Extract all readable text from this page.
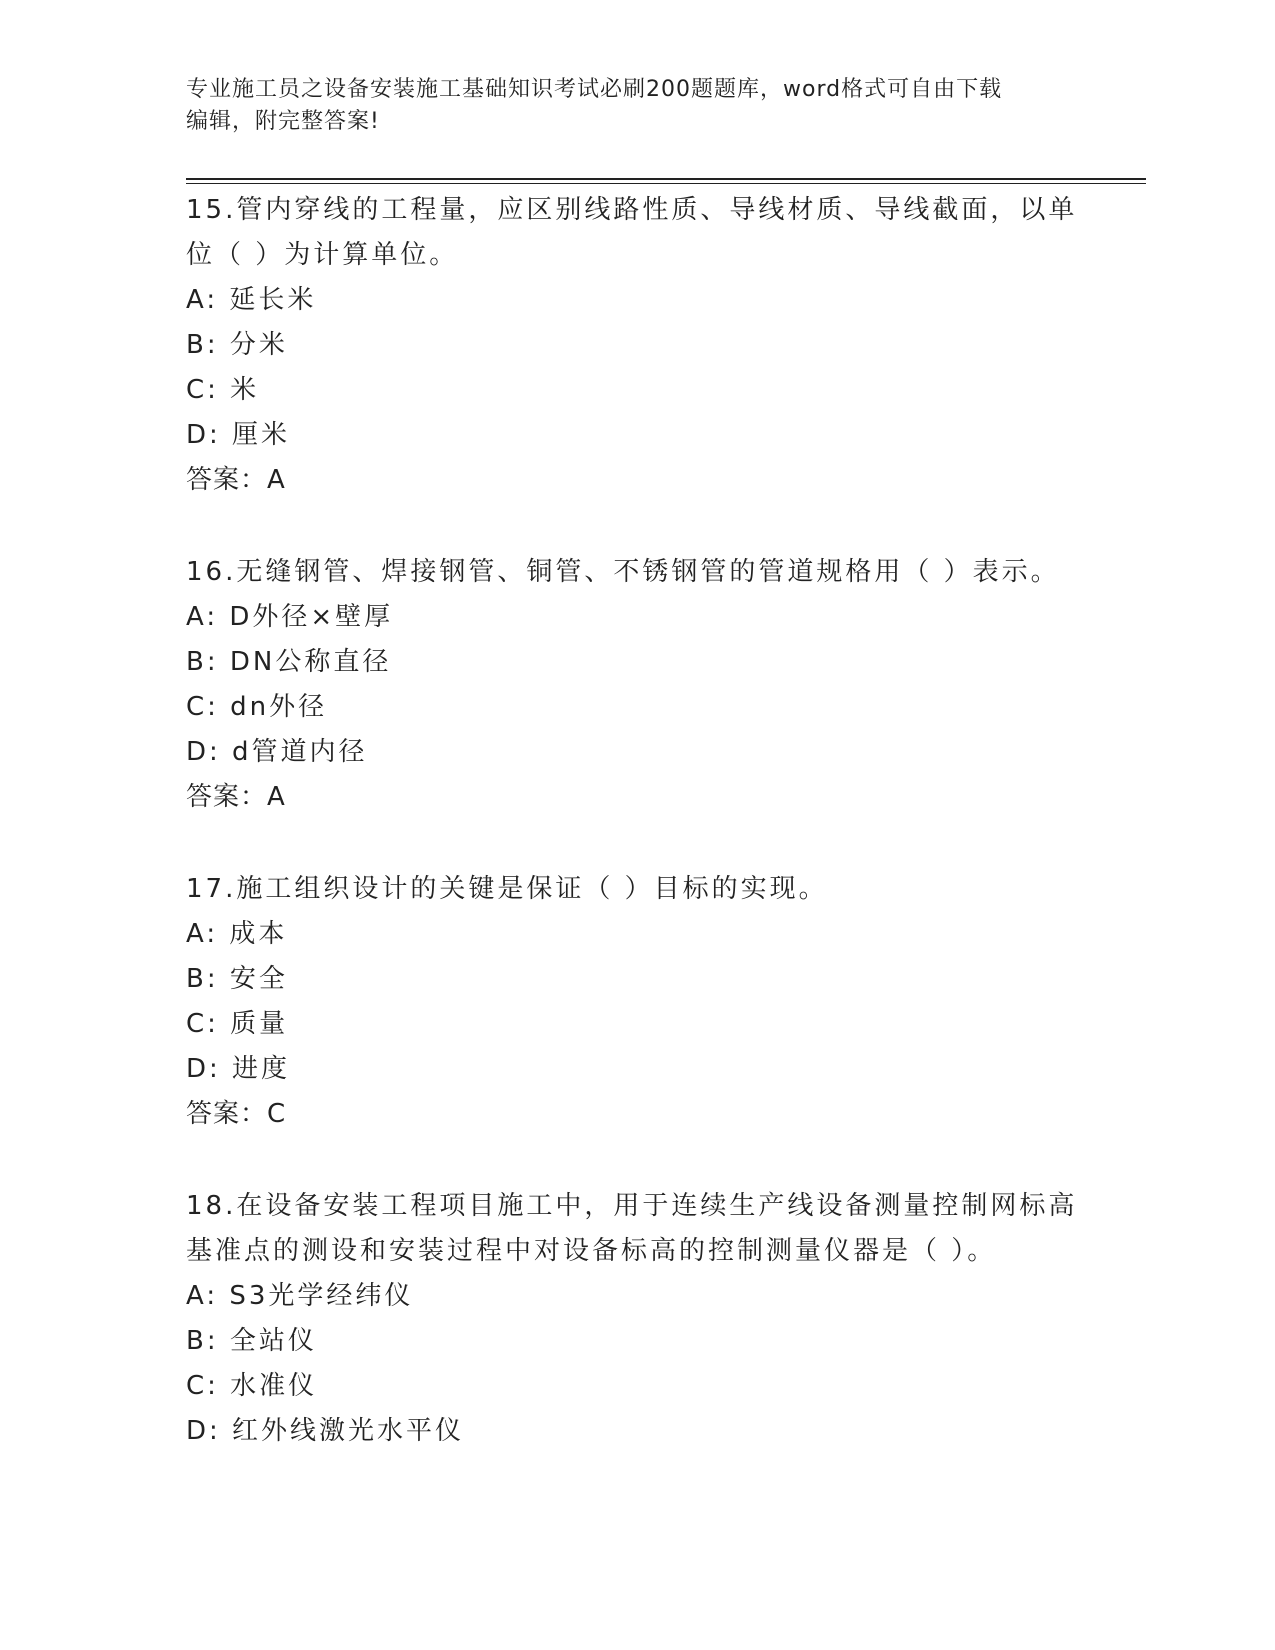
专业施工员之设备安装施工基础知识考试必刷200题题库，word格式可自由下载
编辑，附完整答案!

15.管内穿线的工程量，应区别线路性质、导线材质、导线截面，以单

位（ ）为计算单位。

A: 延长米

B: 分米

C: 米

D: 厘米

答案：A

16.无缝钢管、焊接钢管、铜管、不锈钢管的管道规格用（ ）表示。

A: D外径×壁厚

B: DN公称直径

C: dn外径

D: d管道内径

答案：A

17.施工组织设计的关键是保证（ ）目标的实现。

A: 成本

B: 安全

C: 质量

D: 进度

答案：C

18.在设备安装工程项目施工中，用于连续生产线设备测量控制网标高

基准点的测设和安装过程中对设备标高的控制测量仪器是（ ）。

A: S3光学经纬仪

B: 全站仪

C: 水准仪

D: 红外线激光水平仪
